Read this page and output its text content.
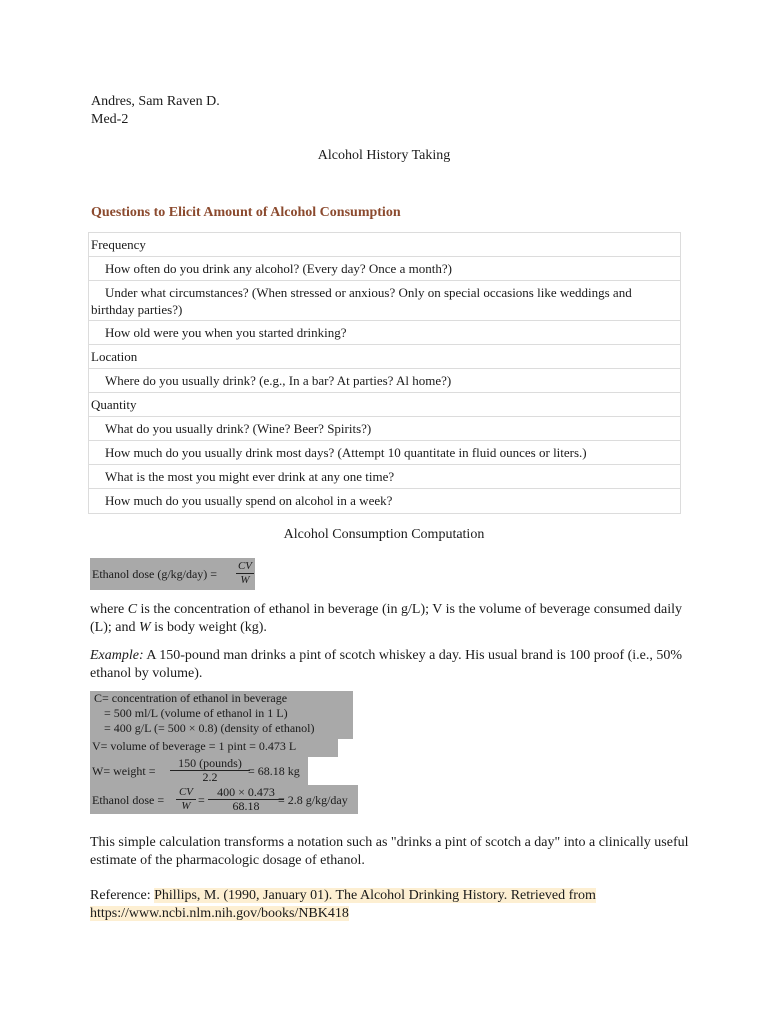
Andres, Sam Raven D.
Med-2
Alcohol History Taking
Questions to Elicit Amount of Alcohol Consumption
Frequency
How often do you drink any alcohol? (Every day? Once a month?)
Under what circumstances? (When stressed or anxious? Only on special occasions like weddings and birthday parties?)
How old were you when you started drinking?
Location
Where do you usually drink? (e.g., In a bar? At parties? Al home?)
Quantity
What do you usually drink? (Wine? Beer? Spirits?)
How much do you usually drink most days? (Attempt 10 quantitate in fluid ounces or liters.)
What is the most you might ever drink at any one time?
How much do you usually spend on alcohol in a week?
Alcohol Consumption Computation
Ethanol dose $(g/kg/day) = \frac{CV}{W}$
where C is the concentration of ethanol in beverage (in g/L); V is the volume of beverage consumed daily (L); and W is body weight (kg).
Example: A 150-pound man drinks a pint of scotch whiskey a day. His usual brand is 100 proof (i.e., 50% ethanol by volume).
C= concentration of ethanol in beverage
= 500 ml/L (volume of ethanol in 1 L)
= 400 g/L (= 500 × 0.8) (density of ethanol)
V= volume of beverage = 1 pint = 0.473 L
W= weight =
150 (pounds)
2.2	= 68.18 kg
Ethanol dose = $\frac{CV}{W} = \frac{400 \times 0.473}{68.18}$
= 2.8 g/kg/day
This simple calculation transforms a notation such as "drinks a pint of scotch a day" into a clinically useful estimate of the pharmacologic dosage of ethanol.
Reference: Phillips, M. (1990, January 01). The Alcohol Drinking History. Retrieved from https://www.ncbi.nlm.nih.gov/books/NBK418
